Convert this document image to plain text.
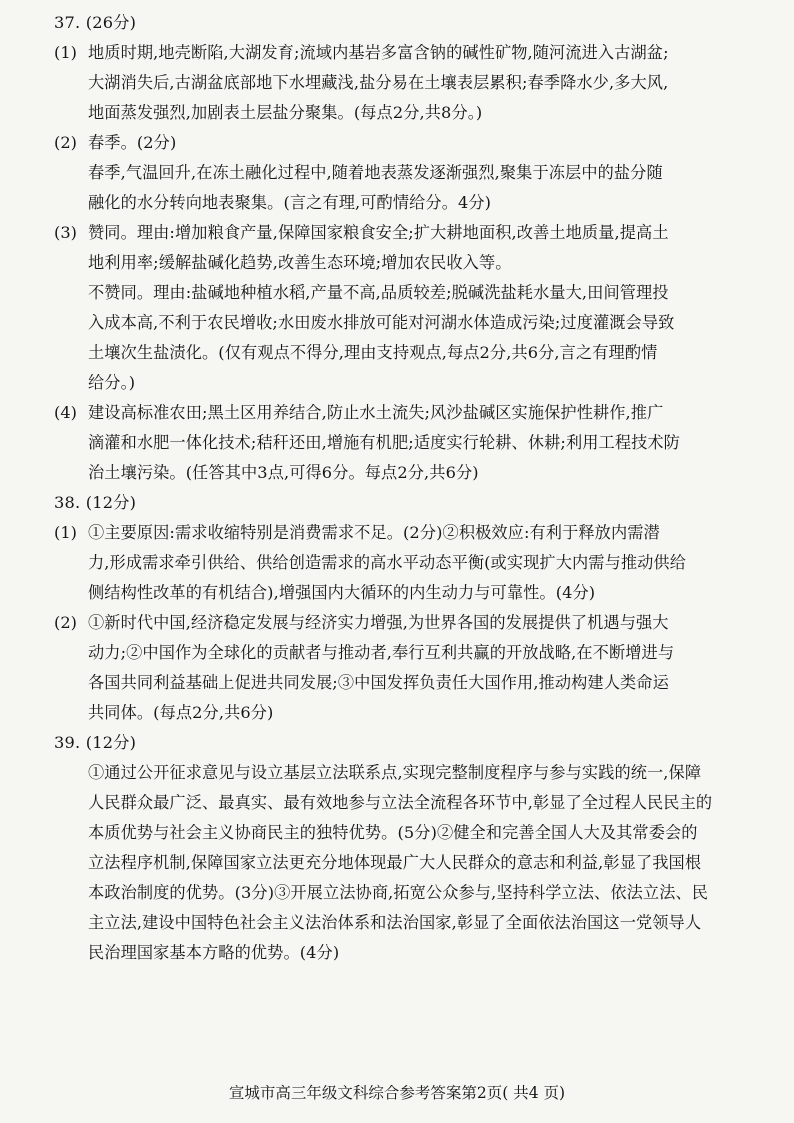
37. (26分)
(1) 地质时期,地壳断陷,大湖发育;流域内基岩多富含钠的碱性矿物,随河流进入古湖盆;
大湖消失后,古湖盆底部地下水埋藏浅,盐分易在土壤表层累积;春季降水少,多大风,
地面蒸发强烈,加剧表土层盐分聚集。(每点2分,共8分。)
(2) 春季。(2分)
春季,气温回升,在冻土融化过程中,随着地表蒸发逐渐强烈,聚集于冻层中的盐分随
融化的水分转向地表聚集。(言之有理,可酌情给分。4分)
(3) 赞同。理由:增加粮食产量,保障国家粮食安全;扩大耕地面积,改善土地质量,提高土
地利用率;缓解盐碱化趋势,改善生态环境;增加农民收入等。
不赞同。理由:盐碱地种植水稻,产量不高,品质较差;脱碱洗盐耗水量大,田间管理投
入成本高,不利于农民增收;水田废水排放可能对河湖水体造成污染;过度灌溉会导致
土壤次生盐渍化。(仅有观点不得分,理由支持观点,每点2分,共6分,言之有理酌情
给分。)
(4) 建设高标准农田;黑土区用养结合,防止水土流失;风沙盐碱区实施保护性耕作,推广
滴灌和水肥一体化技术;秸秆还田,增施有机肥;适度实行轮耕、休耕;利用工程技术防
治土壤污染。(任答其中3点,可得6分。每点2分,共6分)
38. (12分)
(1) ①主要原因:需求收缩特别是消费需求不足。(2分)②积极效应:有利于释放内需潜
力,形成需求牵引供给、供给创造需求的高水平动态平衡(或实现扩大内需与推动供给
侧结构性改革的有机结合),增强国内大循环的内生动力与可靠性。(4分)
(2) ①新时代中国,经济稳定发展与经济实力增强,为世界各国的发展提供了机遇与强大
动力;②中国作为全球化的贡献者与推动者,奉行互利共赢的开放战略,在不断增进与
各国共同利益基础上促进共同发展;③中国发挥负责任大国作用,推动构建人类命运
共同体。(每点2分,共6分)
39. (12分)
①通过公开征求意见与设立基层立法联系点,实现完整制度程序与参与实践的统一,保障
人民群众最广泛、最真实、最有效地参与立法全流程各环节中,彰显了全过程人民民主的
本质优势与社会主义协商民主的独特优势。(5分)②健全和完善全国人大及其常委会的
立法程序机制,保障国家立法更充分地体现最广大人民群众的意志和利益,彰显了我国根
本政治制度的优势。(3分)③开展立法协商,拓宽公众参与,坚持科学立法、依法立法、民
主立法,建设中国特色社会主义法治体系和法治国家,彰显了全面依法治国这一党领导人
民治理国家基本方略的优势。(4分)
宣城市高三年级文科综合参考答案第2页( 共4 页)
